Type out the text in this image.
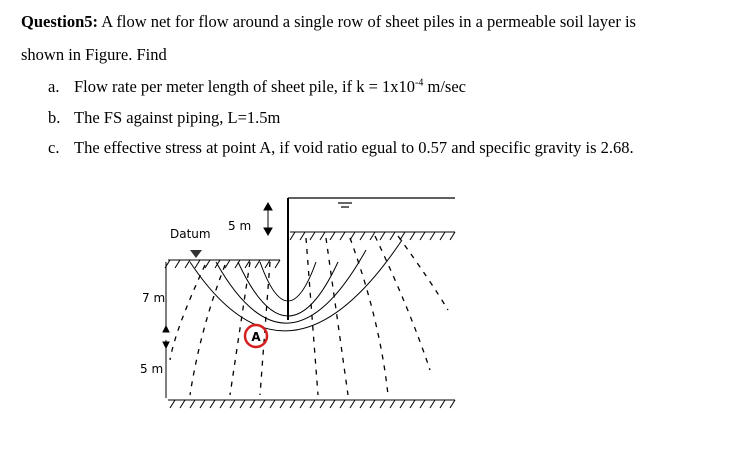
Question5: A flow net for flow around a single row of sheet piles in a permeable soil layer is
shown in Figure. Find
a. Flow rate per meter length of sheet pile, if $k = 1x10^{-4}$ m/sec
b. The FS against piping, L=1.5m
c. The effective stress at point A, if void ratio egual to 0.57 and specific gravity is 2.68.
A
Datum
5 m
7 m
5 m
